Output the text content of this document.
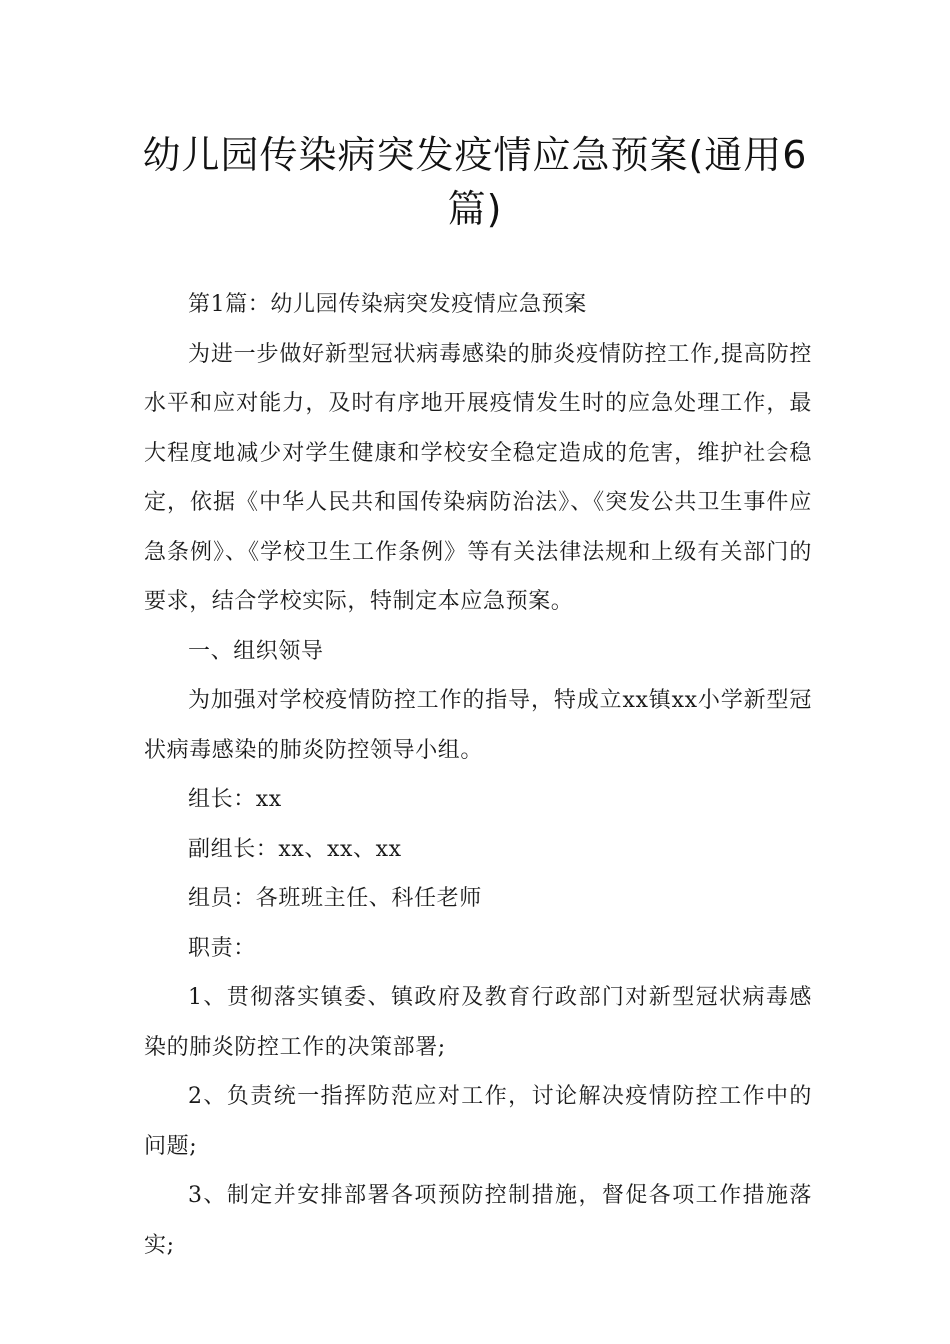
幼儿园传染病突发疫情应急预案(通用6篇)

第1篇：幼儿园传染病突发疫情应急预案

为进一步做好新型冠状病毒感染的肺炎疫情防控工作,提高防控水平和应对能力，及时有序地开展疫情发生时的应急处理工作，最大程度地减少对学生健康和学校安全稳定造成的危害，维护社会稳定，依据《中华人民共和国传染病防治法》、《突发公共卫生事件应急条例》、《学校卫生工作条例》等有关法律法规和上级有关部门的要求，结合学校实际，特制定本应急预案。

一、组织领导

为加强对学校疫情防控工作的指导，特成立xx镇xx小学新型冠状病毒感染的肺炎防控领导小组。

组长：xx

副组长：xx、xx、xx

组员：各班班主任、科任老师

职责：

1、贯彻落实镇委、镇政府及教育行政部门对新型冠状病毒感染的肺炎防控工作的决策部署;

2、负责统一指挥防范应对工作，讨论解决疫情防控工作中的问题;

3、制定并安排部署各项预防控制措施，督促各项工作措施落实;
